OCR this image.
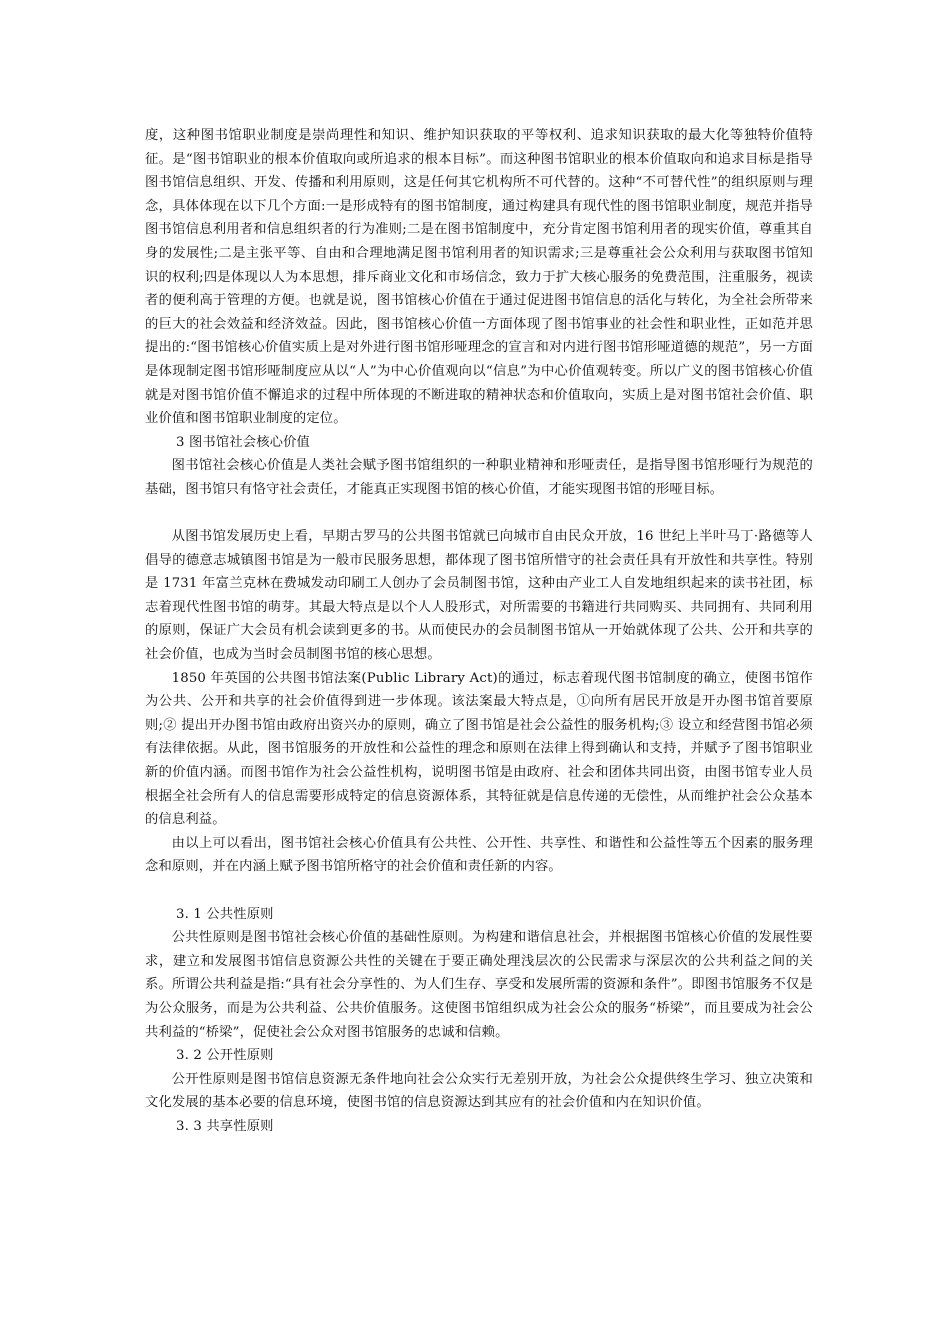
度，这种图书馆职业制度是崇尚理性和知识、维护知识获取的平等权利、追求知识获取的最大化等独特价值特征。是“图书馆职业的根本价值取向或所追求的根本目标”。而这种图书馆职业的根本价值取向和追求目标是指导图书馆信息组织、开发、传播和利用原则，这是任何其它机构所不可代替的。这种“不可替代性”的组织原则与理念，具体体现在以下几个方面:一是形成特有的图书馆制度，通过构建具有现代性的图书馆职业制度，规范并指导图书馆信息利用者和信息组织者的行为准则;二是在图书馆制度中，充分肯定图书馆利用者的现实价值，尊重其自身的发展性;二是主张平等、自由和合理地满足图书馆利用者的知识需求;三是尊重社会公众利用与获取图书馆知识的权利;四是体现以人为本思想，排斥商业文化和市场信念，致力于扩大核心服务的免费范围，注重服务，视读者的便利高于管理的方便。也就是说，图书馆核心价值在于通过促进图书馆信息的活化与转化，为全社会所带来的巨大的社会效益和经济效益。因此，图书馆核心价值一方面体现了图书馆事业的社会性和职业性，正如范并思提出的:“图书馆核心价值实质上是对外进行图书馆形哑理念的宣言和对内进行图书馆形哑道德的规范”，另一方面是体现制定图书馆形哑制度应从以“人”为中心价值观向以“信息”为中心价值观转变。所以广义的图书馆核心价值就是对图书馆价值不懈追求的过程中所体现的不断进取的精神状态和价值取向，实质上是对图书馆社会价值、职业价值和图书馆职业制度的定位。

3 图书馆社会核心价值

图书馆社会核心价值是人类社会赋予图书馆组织的一种职业精神和形哑责任，是指导图书馆形哑行为规范的基础，图书馆只有恪守社会责任，才能真正实现图书馆的核心价值，才能实现图书馆的形哑目标。

从图书馆发展历史上看，早期古罗马的公共图书馆就已向城市自由民众开放，16 世纪上半叶马丁·路德等人倡导的德意志城镇图书馆是为一般市民服务思想，都体现了图书馆所惜守的社会责任具有开放性和共享性。特别是 1731 年富兰克林在费城发动印刷工人创办了会员制图书馆，这种由产业工人自发地组织起来的读书社团，标志着现代性图书馆的萌芽。其最大特点是以个人人股形式，对所需要的书籍进行共同购买、共同拥有、共同利用的原则，保证广大会员有机会读到更多的书。从而使民办的会员制图书馆从一开始就体现了公共、公开和共享的社会价值，也成为当时会员制图书馆的核心思想。

1850 年英国的公共图书馆法案(Public Library Act)的通过，标志着现代图书馆制度的确立，使图书馆作为公共、公开和共享的社会价值得到进一步体现。该法案最大特点是，①向所有居民开放是开办图书馆首要原则;② 提出开办图书馆由政府出资兴办的原则，确立了图书馆是社会公益性的服务机构;③ 设立和经营图书馆必须有法律依据。从此，图书馆服务的开放性和公益性的理念和原则在法律上得到确认和支持，并赋予了图书馆职业新的价值内涵。而图书馆作为社会公益性机构，说明图书馆是由政府、社会和团体共同出资，由图书馆专业人员根据全社会所有人的信息需要形成特定的信息资源体系，其特征就是信息传递的无偿性，从而维护社会公众基本的信息利益。

由以上可以看出，图书馆社会核心价值具有公共性、公开性、共享性、和谐性和公益性等五个因素的服务理念和原则，并在内涵上赋予图书馆所格守的社会价值和责任新的内容。

3. 1 公共性原则

公共性原则是图书馆社会核心价值的基础性原则。为构建和谐信息社会，并根据图书馆核心价值的发展性要求，建立和发展图书馆信息资源公共性的关键在于要正确处理浅层次的公民需求与深层次的公共利益之间的关系。所谓公共利益是指:“具有社会分享性的、为人们生存、享受和发展所需的资源和条件”。即图书馆服务不仅是为公众服务，而是为公共利益、公共价值服务。这使图书馆组织成为社会公众的服务“桥梁”，而且要成为社会公共利益的“桥梁”，促使社会公众对图书馆服务的忠诚和信赖。

3. 2 公开性原则

公开性原则是图书馆信息资源无条件地向社会公众实行无差别开放，为社会公众提供终生学习、独立决策和文化发展的基本必要的信息环境，使图书馆的信息资源达到其应有的社会价值和内在知识价值。

3. 3 共享性原则
